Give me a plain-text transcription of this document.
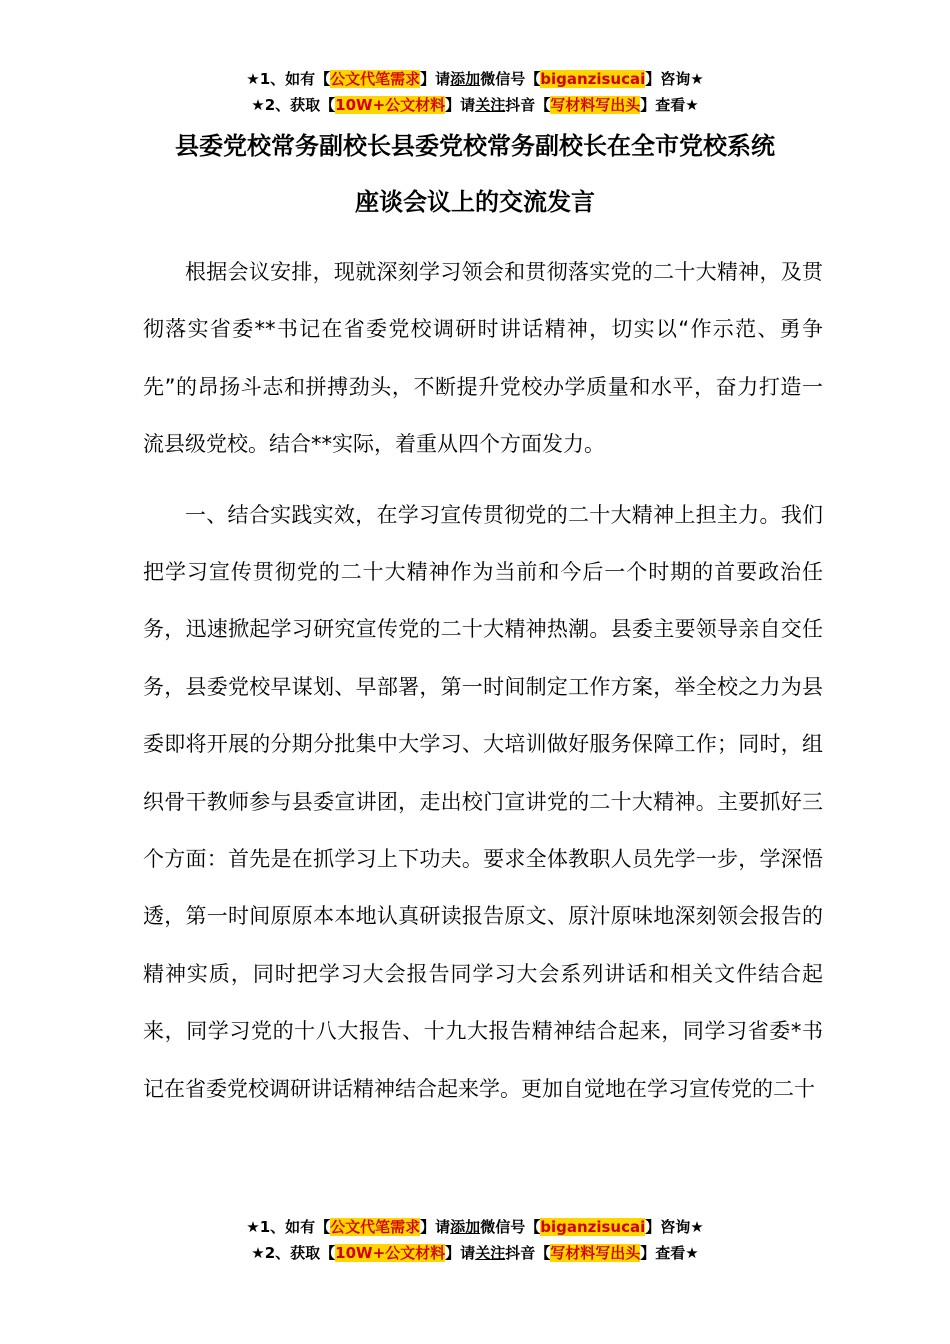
★1、如有【公文代笔需求】请添加微信号【biganzisucai】咨询★
★2、获取【10W+公文材料】请关注抖音【写材料写出头】查看★
县委党校常务副校长县委党校常务副校长在全市党校系统
座谈会议上的交流发言

根据会议安排，现就深刻学习领会和贯彻落实党的二十大精神，及贯彻落实省委**书记在省委党校调研时讲话精神，切实以“作示范、勇争先”的昂扬斗志和拼搏劲头，不断提升党校办学质量和水平，奋力打造一流县级党校。结合**实际，着重从四个方面发力。

一、结合实践实效，在学习宣传贯彻党的二十大精神上担主力。我们把学习宣传贯彻党的二十大精神作为当前和今后一个时期的首要政治任务，迅速掀起学习研究宣传党的二十大精神热潮。县委主要领导亲自交任务，县委党校早谋划、早部署，第一时间制定工作方案，举全校之力为县委即将开展的分期分批集中大学习、大培训做好服务保障工作；同时，组织骨干教师参与县委宣讲团，走出校门宣讲党的二十大精神。主要抓好三个方面：首先是在抓学习上下功夫。要求全体教职人员先学一步，学深悟透，第一时间原原本本地认真研读报告原文、原汁原味地深刻领会报告的精神实质，同时把学习大会报告同学习大会系列讲话和相关文件结合起来，同学习党的十八大报告、十九大报告精神结合起来，同学习省委*书记在省委党校调研讲话精神结合起来学。更加自觉地在学习宣传党的二十

★1、如有【公文代笔需求】请添加微信号【biganzisucai】咨询★
★2、获取【10W+公文材料】请关注抖音【写材料写出头】查看★
